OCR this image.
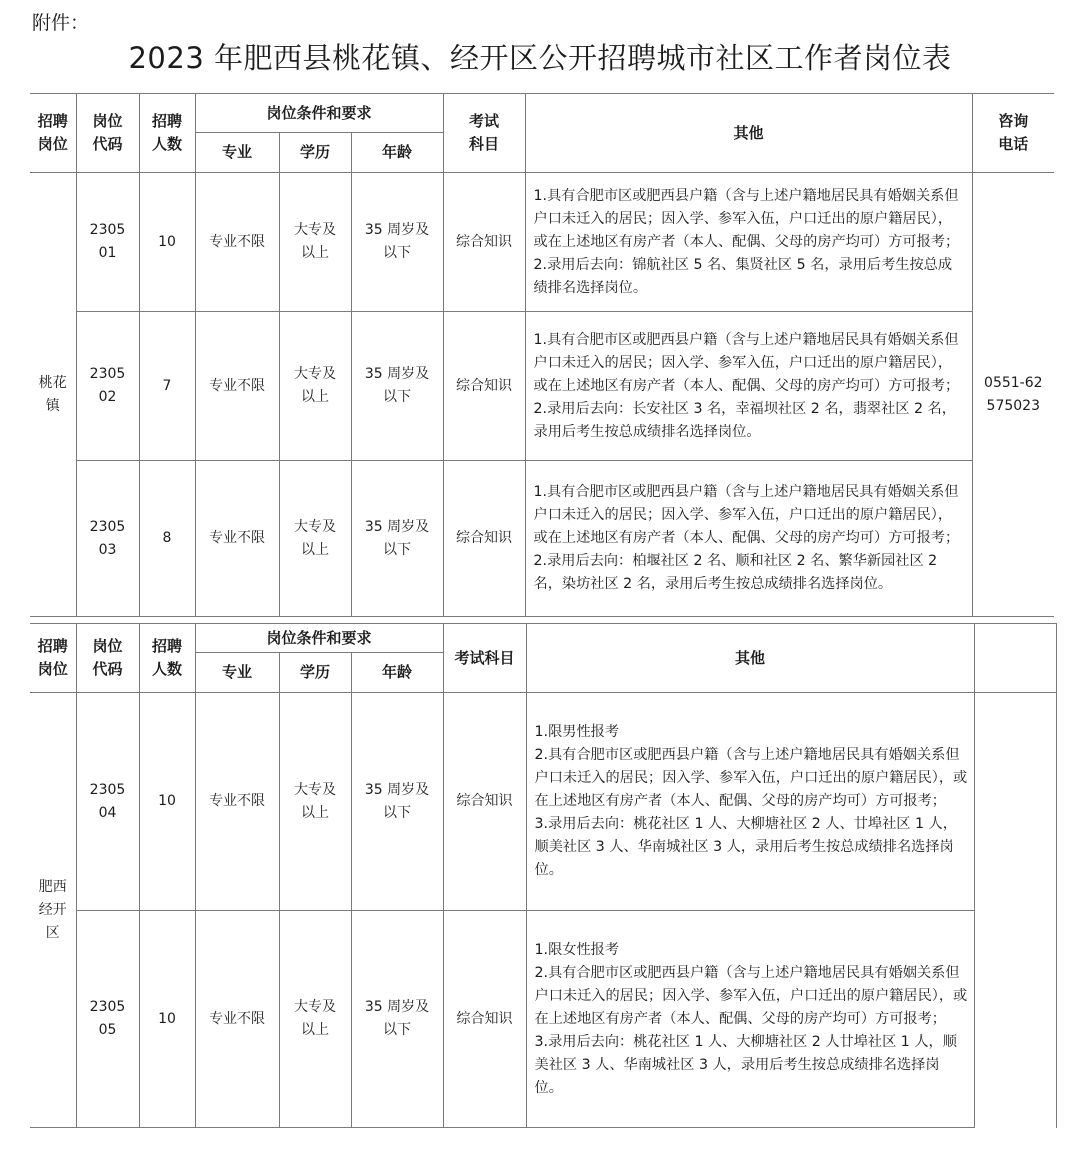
附件：
2023 年肥西县桃花镇、经开区公开招聘城市社区工作者岗位表
招聘岗位	岗位代码	招聘人数	岗位条件和要求			考试科目	其他	咨询电话
			专业	学历	年龄			
桃花镇	230501	10	专业不限	大专及以上	35 周岁及以下	综合知识	1.具有合肥市区或肥西县户籍（含与上述户籍地居民具有婚姻关系但户口未迁入的居民；因入学、参军入伍，户口迁出的原户籍居民），或在上述地区有房产者（本人、配偶、父母的房产均可）方可报考；
2.录用后去向：锦航社区 5 名、集贤社区 5 名，录用后考生按总成绩排名选择岗位。	0551-62575023
	230502	7	专业不限	大专及以上	35 周岁及以下	综合知识	1.具有合肥市区或肥西县户籍（含与上述户籍地居民具有婚姻关系但户口未迁入的居民；因入学、参军入伍，户口迁出的原户籍居民），或在上述地区有房产者（本人、配偶、父母的房产均可）方可报考；
2.录用后去向：长安社区 3 名，幸福坝社区 2 名，翡翠社区 2 名，录用后考生按总成绩排名选择岗位。	

	230503	8	专业不限	大专及以上	35 周岁及以下	综合知识	1.具有合肥市区或肥西县户籍（含与上述户籍地居民具有婚姻关系但户口未迁入的居民；因入学、参军入伍，户口迁出的原户籍居民），或在上述地区有房产者（本人、配偶、父母的房产均可）方可报考；
2.录用后去向：柏堰社区 2 名、顺和社区 2 名、繁华新园社区 2 名，染坊社区 2 名，录用后考生按总成绩排名选择岗位。	
招聘岗位	岗位代码	招聘人数	岗位条件和要求			考试科目	其他	
			专业	学历	年龄			
肥西经开区	230504	10	专业不限	大专及以上	35 周岁及以下	综合知识	1.限男性报考
2.具有合肥市区或肥西县户籍（含与上述户籍地居民具有婚姻关系但户口未迁入的居民；因入学、参军入伍，户口迁出的原户籍居民），或在上述地区有房产者（本人、配偶、父母的房产均可）方可报考；
3.录用后去向：桃花社区 1 人、大柳塘社区 2 人、廿埠社区 1 人，顺美社区 3 人、华南城社区 3 人，录用后考生按总成绩排名选择岗位。	

	230505	10	专业不限	大专及以上	35 周岁及以下	综合知识	1.限女性报考
2.具有合肥市区或肥西县户籍（含与上述户籍地居民具有婚姻关系但户口未迁入的居民；因入学、参军入伍，户口迁出的原户籍居民），或在上述地区有房产者（本人、配偶、父母的房产均可）方可报考；
3.录用后去向：桃花社区 1 人、大柳塘社区 2 人廿埠社区 1 人，顺美社区 3 人、华南城社区 3 人，录用后考生按总成绩排名选择岗位。	
